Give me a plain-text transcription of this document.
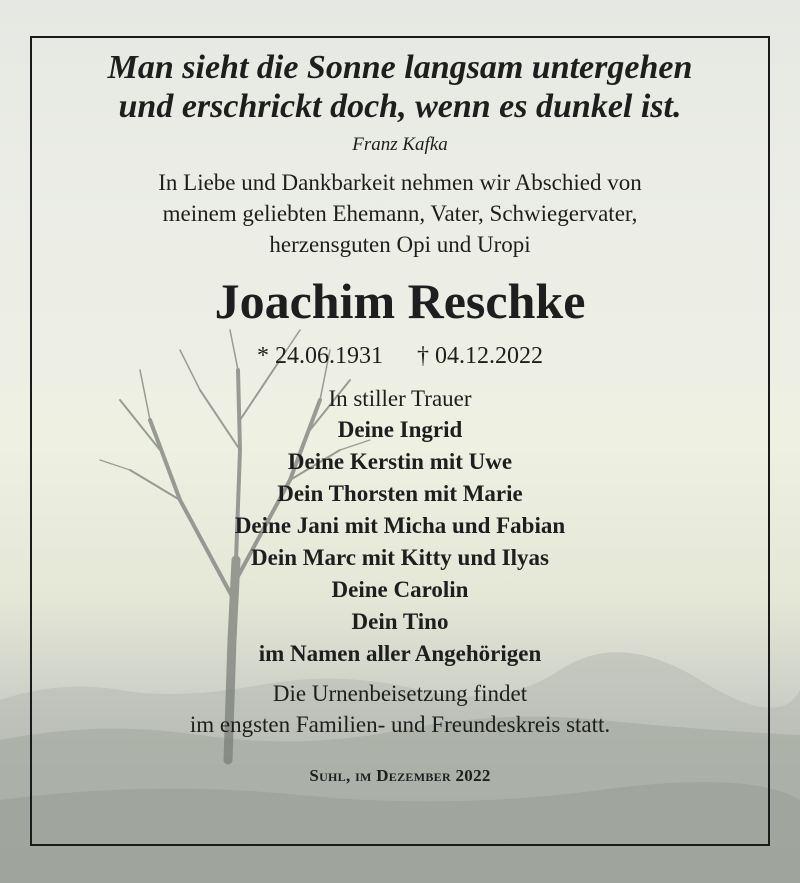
Man sieht die Sonne langsam untergehen
und erschrickt doch, wenn es dunkel ist.
Franz Kafka
In Liebe und Dankbarkeit nehmen wir Abschied von
meinem geliebten Ehemann, Vater, Schwiegervater,
herzensguten Opi und Uropi
Joachim Reschke
* 24.06.1931 † 04.12.2022
In stiller Trauer
Deine Ingrid
Deine Kerstin mit Uwe
Dein Thorsten mit Marie
Deine Jani mit Micha und Fabian
Dein Marc mit Kitty und Ilyas
Deine Carolin
Dein Tino
im Namen aller Angehörigen
Die Urnenbeisetzung findet
im engsten Familien- und Freundeskreis statt.
Suhl, im Dezember 2022
